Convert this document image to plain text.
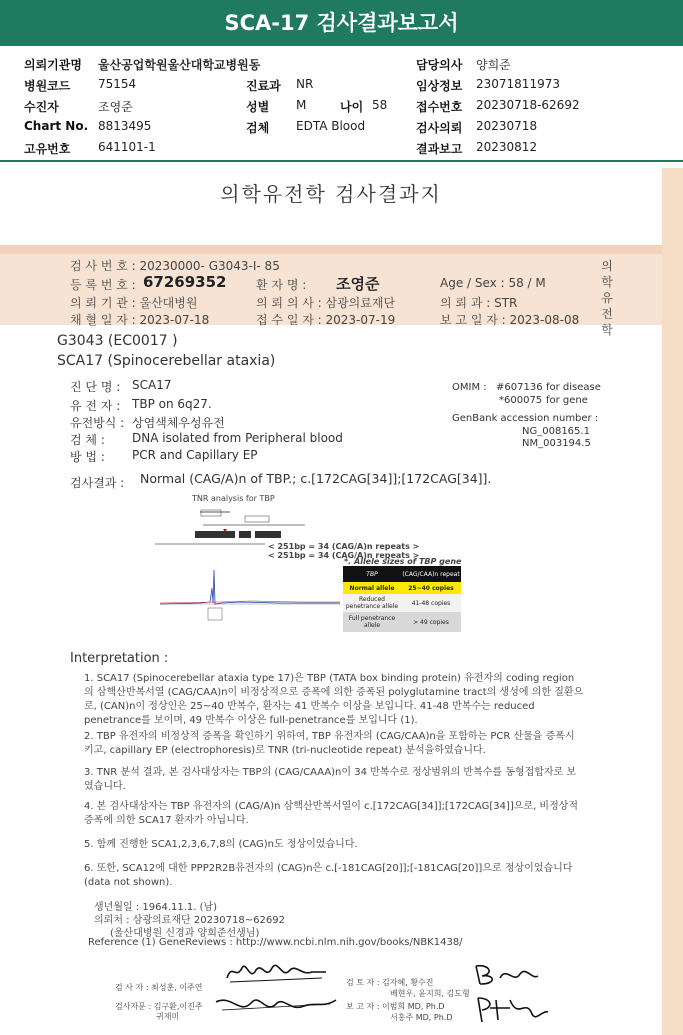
SCA-17 검사결과보고서
의뢰기관명 울산공업학원울산대학교병원동	담당의사 양희준
병원코드 75154	진료과 NR	임상정보 23071811973
수진자	조영준	성별 M	나이 58 접수번호 20230718-62692
Chart No. 8813495	검체 EDTA Blood	검사의뢰 20230718
고유번호 641101-1	결과보고 20230812
의학유전학 검사결과지
의
학
유
전
학
검 사 번 호 : 20230000- G3043-I- 85
등 록 번 호 : 67269352 환 자 명 : 조영준	Age / Sex : 58 / M
의 뢰 기 관 : 울산대병원	의 뢰 의 사 : 삼광의료재단	의 뢰 과 : STR
채 혈 일 자 : 2023-07-18	접 수 일 자 : 2023-07-19	보 고 일 자 : 2023-08-08
G3043 (EC0017 )
SCA17 (Spinocerebellar ataxia)
진 단 명 : SCA17
유 전 자 : TBP on 6q27.
유전방식 : 상염색체우성유전
검 체 : DNA isolated from Peripheral blood
방 법 : PCR and Capillary EP
OMIM : #607136 for disease
*600075 for gene
GenBank accession number :
NG_008165.1
NM_003194.5
검사결과 : Normal (CAG/A)n of TBP.; c.[172CAG[34]];[172CAG[34]].
TNR analysis for TBP
< 251bp = 34 (CAG/A)n repeats >
< 251bp = 34 (CAG/A)n repeats >
*. Allele sizes of TBP gene
TBP	(CAG/CAA)n repeat
Normal allele	25~40 copies
Reduced penetrance allele	41-48 copies
Full penetrance allele	> 49 copies
Interpretation :
1. SCA17 (Spinocerebellar ataxia type 17)은 TBP (TATA box binding protein) 유전자의 coding region 의 삼핵산반복서열 (CAG/CAA)n이 비정상적으로 증폭에 의한 증폭된 polyglutamine tract의 생성에 의한 질환으로, (CAN)n이 정상인은 25~40 반복수, 환자는 41 반복수 이상을 보입니다. 41-48 반복수는 reduced penetrance를 보이며, 49 반복수 이상은 full-penetrance를 보입니다 (1).
2. TBP 유전자의 비정상적 증폭을 확인하기 위하여, TBP 유전자의 (CAG/CAA)n을 포함하는 PCR 산물을 증폭시키고, capillary EP (electrophoresis)로 TNR (tri-nucleotide repeat) 분석을하였습니다.
3. TNR 분석 결과, 본 검사대상자는 TBP의 (CAG/CAAA)n이 34 반복수로 정상범위의 반복수를 동형접합자로 보였습니다.
4. 본 검사대상자는 TBP 유전자의 (CAG/A)n 삼핵산반복서열이 c.[172CAG[34]];[172CAG[34]]으로, 비정상적 증폭에 의한 SCA17 환자가 아닙니다.
5. 함께 진행한 SCA1,2,3,6,7,8의 (CAG)n도 정상이었습니다.
6. 또한, SCA12에 대한 PPP2R2B유전자의 (CAG)n은 c.[-181CAG[20]];[-181CAG[20]]으로 정상이었습니다 (data not shown).
생년월일 : 1964.11.1. (남)
의뢰처 : 삼광의료재단 20230718~62692
(울산대병원 신경과 양희준선생님)
Reference (1) GeneReviews : http://www.ncbi.nlm.nih.gov/books/NBK1438/
검 사 자 : 최성훈, 이주연
검 토 자 : 김자혜, 황수진
배현우, 윤지희, 김도형
검사자문 : 김구환,이진주
귀재미
보 고 자 : 이범희 MD, Ph.D
서홍주 MD, Ph.D
